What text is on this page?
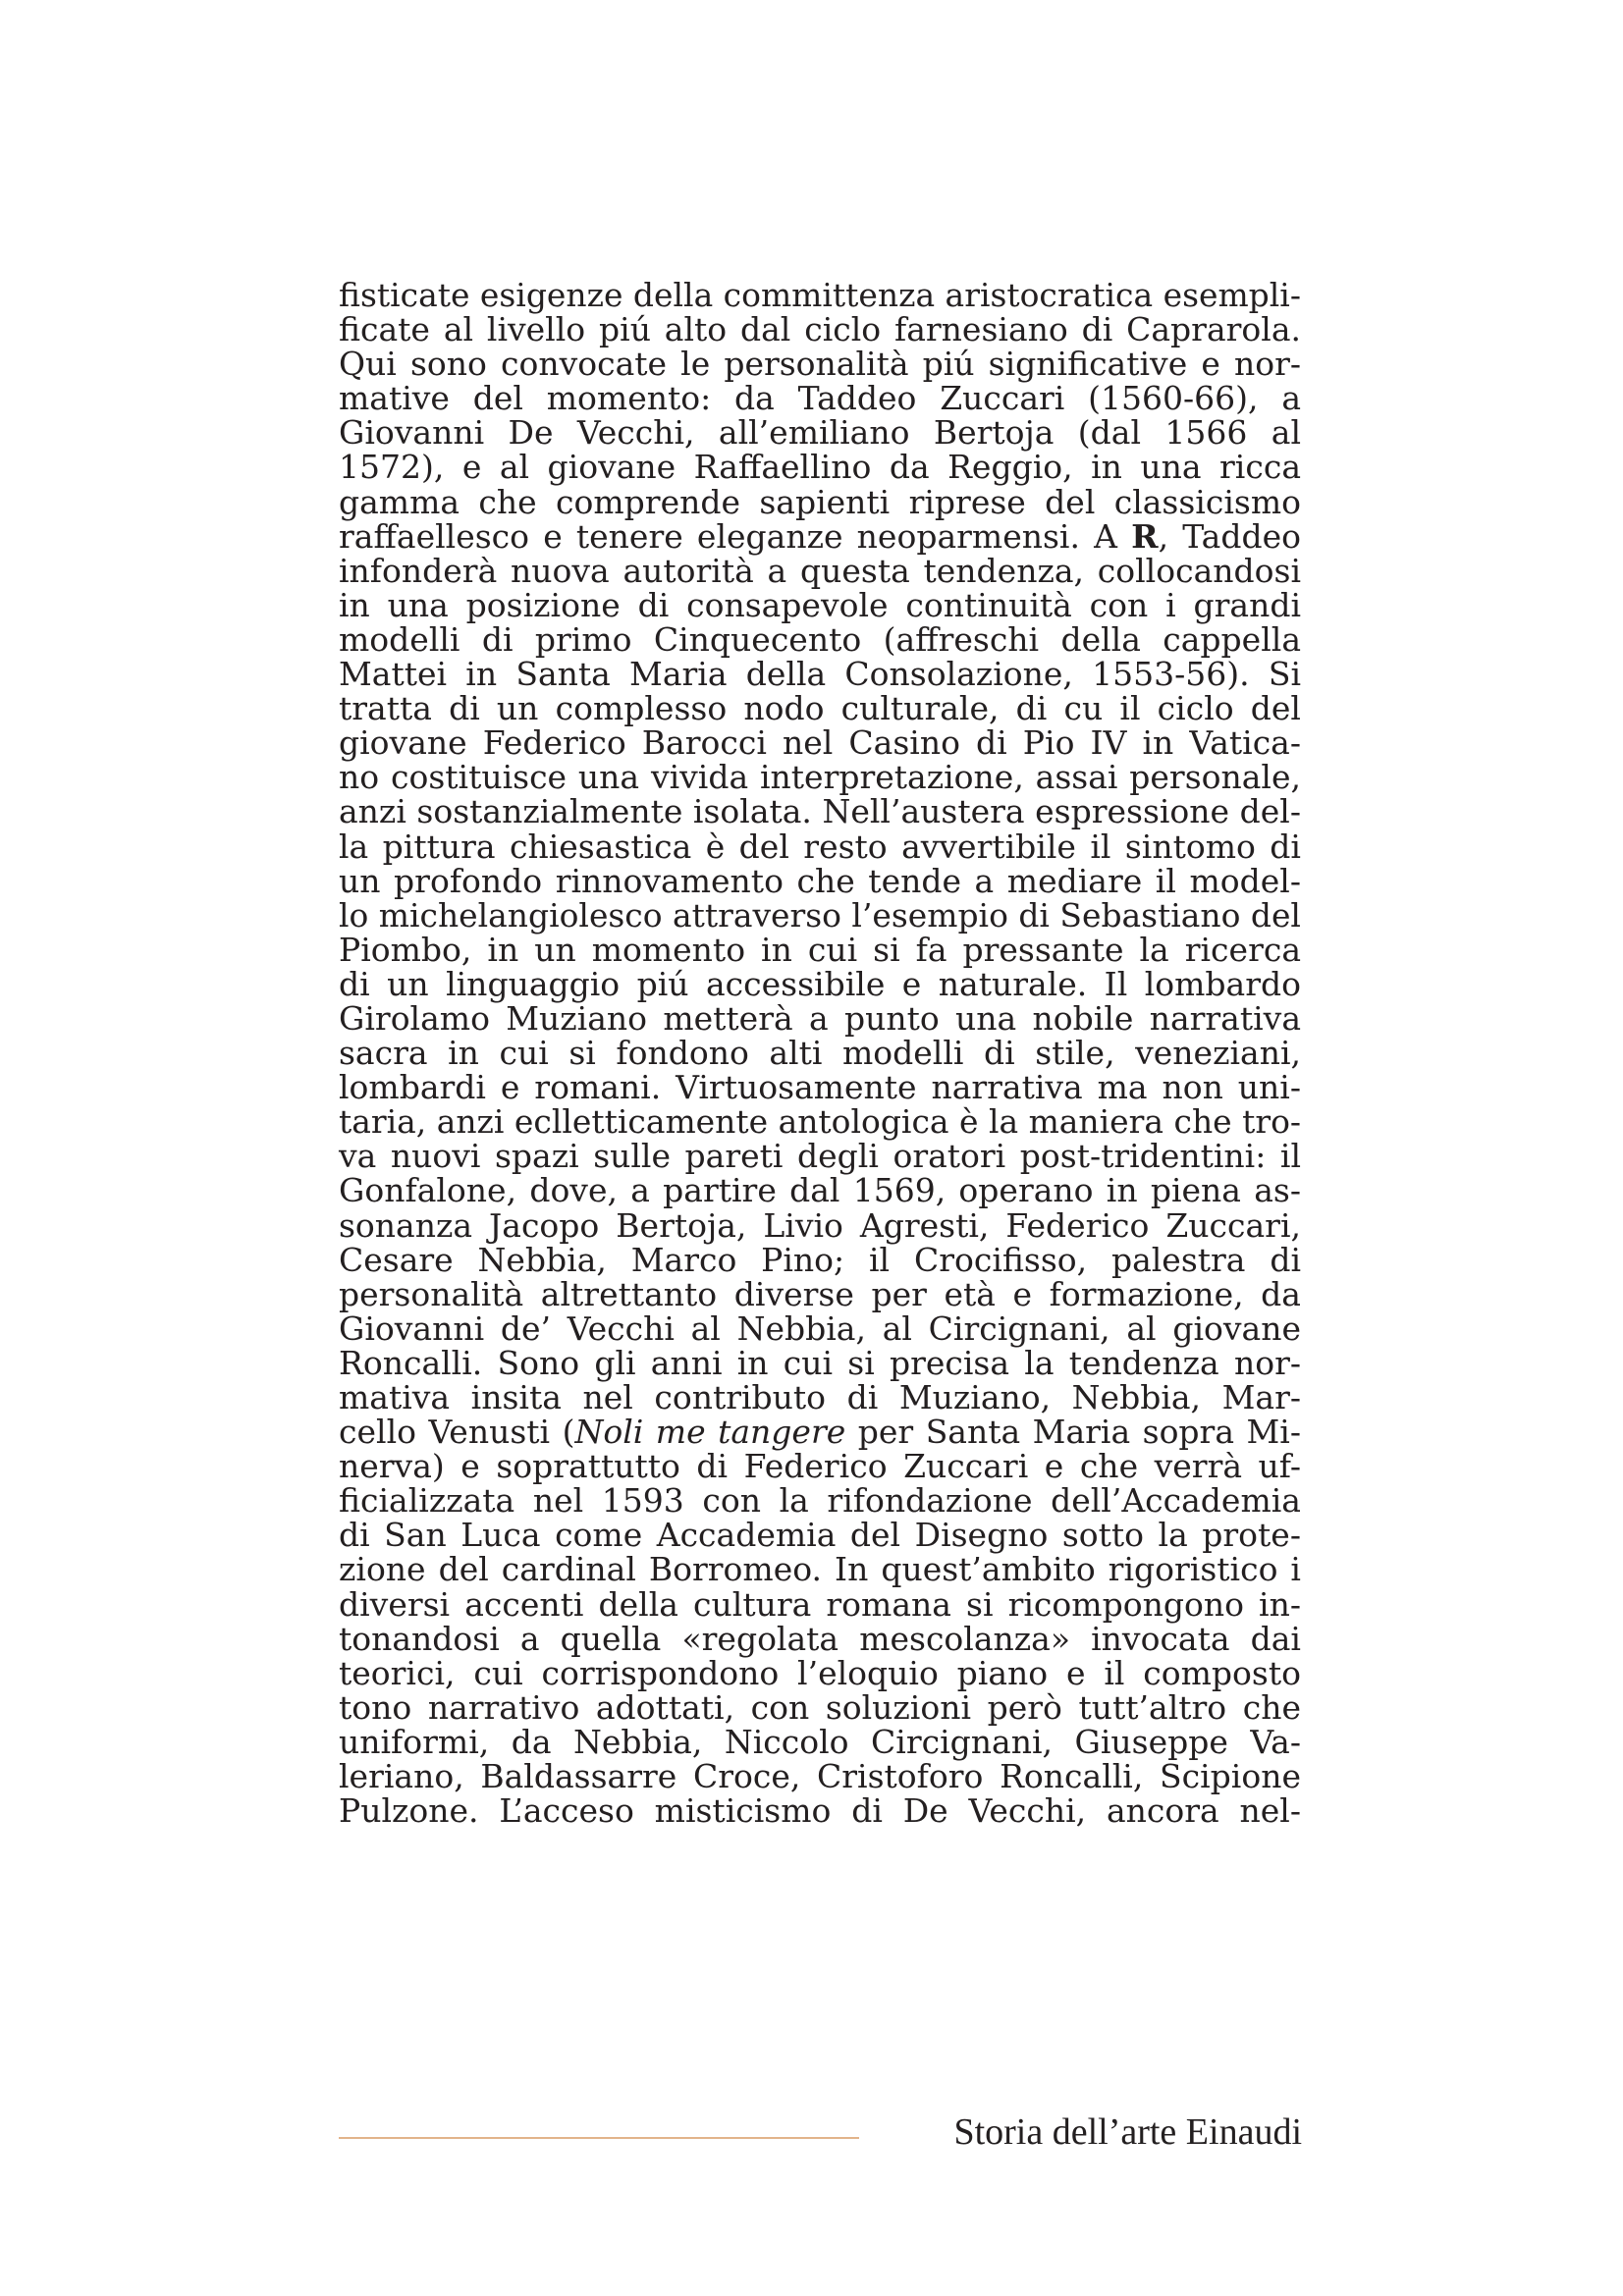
fisticate esigenze della committenza aristocratica esempli-
ficate al livello piú alto dal ciclo farnesiano di Caprarola.
Qui sono convocate le personalità piú significative e nor-
mative del momento: da Taddeo Zuccari (1560-66), a
Giovanni De Vecchi, all’emiliano Bertoja (dal 1566 al
1572), e al giovane Raffaellino da Reggio, in una ricca
gamma che comprende sapienti riprese del classicismo
raffaellesco e tenere eleganze neoparmensi. A R, Taddeo
infonderà nuova autorità a questa tendenza, collocandosi
in una posizione di consapevole continuità con i grandi
modelli di primo Cinquecento (affreschi della cappella
Mattei in Santa Maria della Consolazione, 1553-56). Si
tratta di un complesso nodo culturale, di cu il ciclo del
giovane Federico Barocci nel Casino di Pio IV in Vatica-
no costituisce una vivida interpretazione, assai personale,
anzi sostanzialmente isolata. Nell’austera espressione del-
la pittura chiesastica è del resto avvertibile il sintomo di
un profondo rinnovamento che tende a mediare il model-
lo michelangiolesco attraverso l’esempio di Sebastiano del
Piombo, in un momento in cui si fa pressante la ricerca
di un linguaggio piú accessibile e naturale. Il lombardo
Girolamo Muziano metterà a punto una nobile narrativa
sacra in cui si fondono alti modelli di stile, veneziani,
lombardi e romani. Virtuosamente narrativa ma non uni-
taria, anzi eclletticamente antologica è la maniera che tro-
va nuovi spazi sulle pareti degli oratori post-tridentini: il
Gonfalone, dove, a partire dal 1569, operano in piena as-
sonanza Jacopo Bertoja, Livio Agresti, Federico Zuccari,
Cesare Nebbia, Marco Pino; il Crocifisso, palestra di
personalità altrettanto diverse per età e formazione, da
Giovanni de’ Vecchi al Nebbia, al Circignani, al giovane
Roncalli. Sono gli anni in cui si precisa la tendenza nor-
mativa insita nel contributo di Muziano, Nebbia, Mar-
cello Venusti (Noli me tangere per Santa Maria sopra Mi-
nerva) e soprattutto di Federico Zuccari e che verrà uf-
ficializzata nel 1593 con la rifondazione dell’Accademia
di San Luca come Accademia del Disegno sotto la prote-
zione del cardinal Borromeo. In quest’ambito rigoristico i
diversi accenti della cultura romana si ricompongono in-
tonandosi a quella «regolata mescolanza» invocata dai
teorici, cui corrispondono l’eloquio piano e il composto
tono narrativo adottati, con soluzioni però tutt’altro che
uniformi, da Nebbia, Niccolo Circignani, Giuseppe Va-
leriano, Baldassarre Croce, Cristoforo Roncalli, Scipione
Pulzone. L’acceso misticismo di De Vecchi, ancora nel-
Storia dell’arte Einaudi
